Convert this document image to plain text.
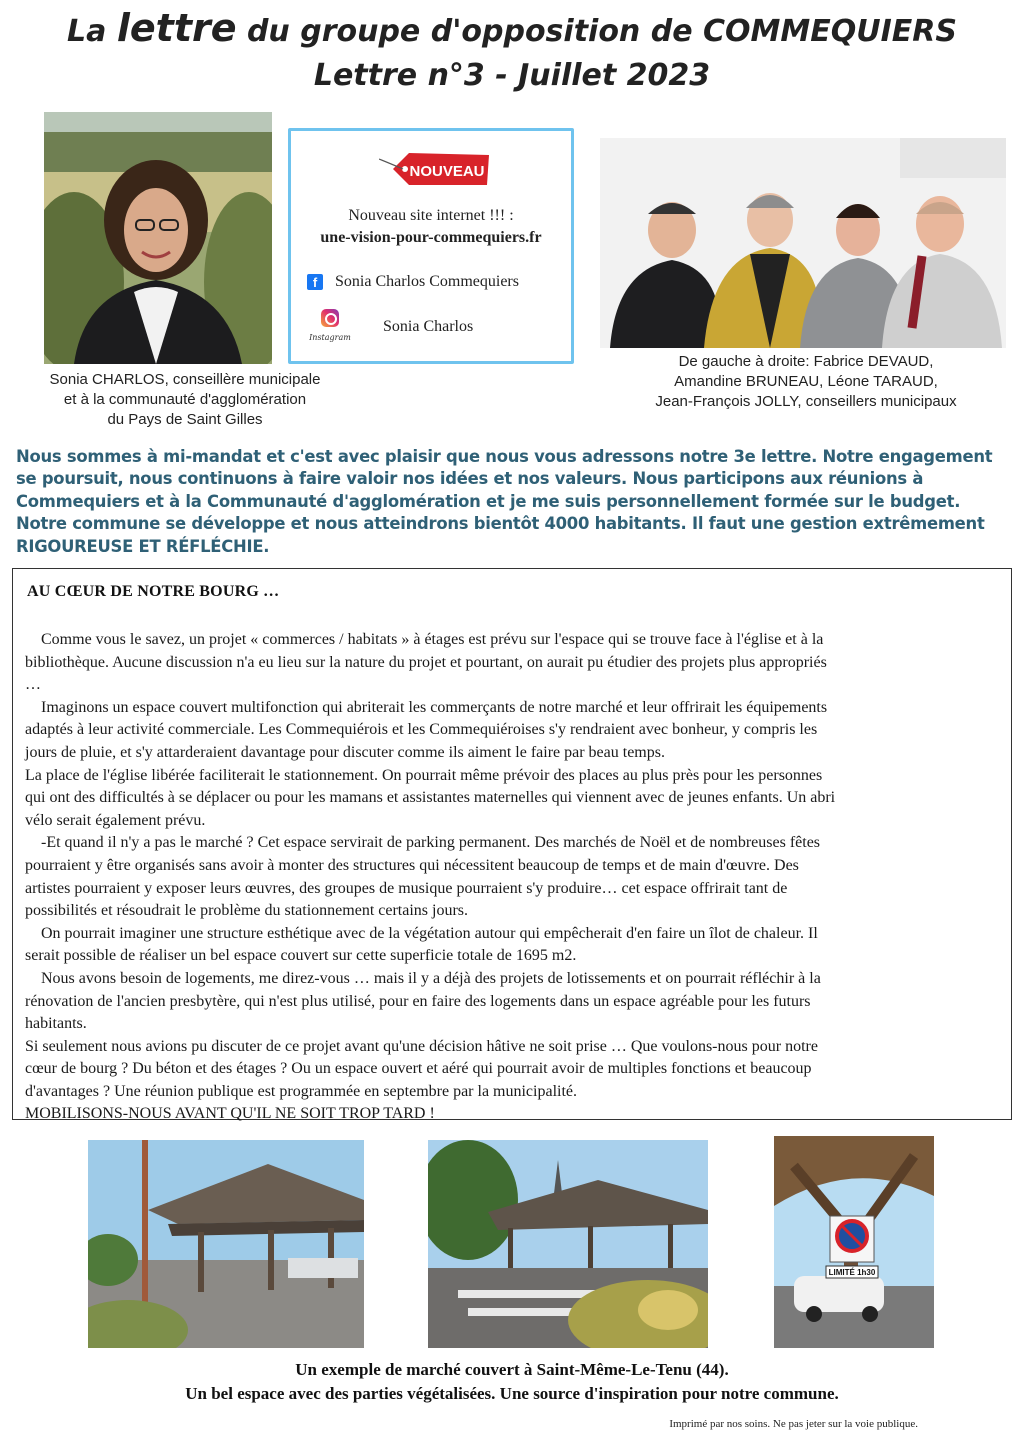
La lettre du groupe d'opposition de COMMEQUIERS
Lettre n°3 - Juillet 2023
Sonia CHARLOS, conseillère municipale
et à la communauté d'agglomération
du Pays de Saint Gilles
NOUVEAU
Nouveau site internet !!! :
une-vision-pour-commequiers.fr
f Sonia Charlos Commequiers

Instagram Sonia Charlos
De gauche à droite: Fabrice DEVAUD,
Amandine BRUNEAU, Léone TARAUD,
Jean-François JOLLY, conseillers municipaux
Nous sommes à mi-mandat et c'est avec plaisir que nous vous adressons notre 3e lettre. Notre engagement
se poursuit, nous continuons à faire valoir nos idées et nos valeurs. Nous participons aux réunions à
Commequiers et à la Communauté d'agglomération et je me suis personnellement formée sur le budget.
Notre commune se développe et nous atteindrons bientôt 4000 habitants. Il faut une gestion extrêmement
RIGOUREUSE ET RÉFLÉCHIE.
AU CŒUR DE NOTRE BOURG …

Comme vous le savez, un projet « commerces / habitats » à étages est prévu sur l'espace qui se trouve face à l'église et à la

bibliothèque. Aucune discussion n'a eu lieu sur la nature du projet et pourtant, on aurait pu étudier des projets plus appropriés

…

Imaginons un espace couvert multifonction qui abriterait les commerçants de notre marché et leur offrirait les équipements

adaptés à leur activité commerciale. Les Commequiérois et les Commequiéroises s'y rendraient avec bonheur, y compris les

jours de pluie, et s'y attarderaient davantage pour discuter comme ils aiment le faire par beau temps.

La place de l'église libérée faciliterait le stationnement. On pourrait même prévoir des places au plus près pour les personnes

qui ont des difficultés à se déplacer ou pour les mamans et assistantes maternelles qui viennent avec de jeunes enfants. Un abri

vélo serait également prévu.

-Et quand il n'y a pas le marché ? Cet espace servirait de parking permanent. Des marchés de Noël et de nombreuses fêtes

pourraient y être organisés sans avoir à monter des structures qui nécessitent beaucoup de temps et de main d'œuvre. Des

artistes pourraient y exposer leurs œuvres, des groupes de musique pourraient s'y produire… cet espace offrirait tant de

possibilités et résoudrait le problème du stationnement certains jours.

On pourrait imaginer une structure esthétique avec de la végétation autour qui empêcherait d'en faire un îlot de chaleur. Il

serait possible de réaliser un bel espace couvert sur cette superficie totale de 1695 m2.

Nous avons besoin de logements, me direz-vous … mais il y a déjà des projets de lotissements et on pourrait réfléchir à la

rénovation de l'ancien presbytère, qui n'est plus utilisé, pour en faire des logements dans un espace agréable pour les futurs

habitants.

Si seulement nous avions pu discuter de ce projet avant qu'une décision hâtive ne soit prise … Que voulons-nous pour notre

cœur de bourg ? Du béton et des étages ? Ou un espace ouvert et aéré qui pourrait avoir de multiples fonctions et beaucoup

d'avantages ? Une réunion publique est programmée en septembre par la municipalité.

MOBILISONS-NOUS AVANT QU'IL NE SOIT TROP TARD !

LIMITÉ 1h30
Un exemple de marché couvert à Saint-Même-Le-Tenu (44).
Un bel espace avec des parties végétalisées. Une source d'inspiration pour notre commune.
Imprimé par nos soins. Ne pas jeter sur la voie publique.
